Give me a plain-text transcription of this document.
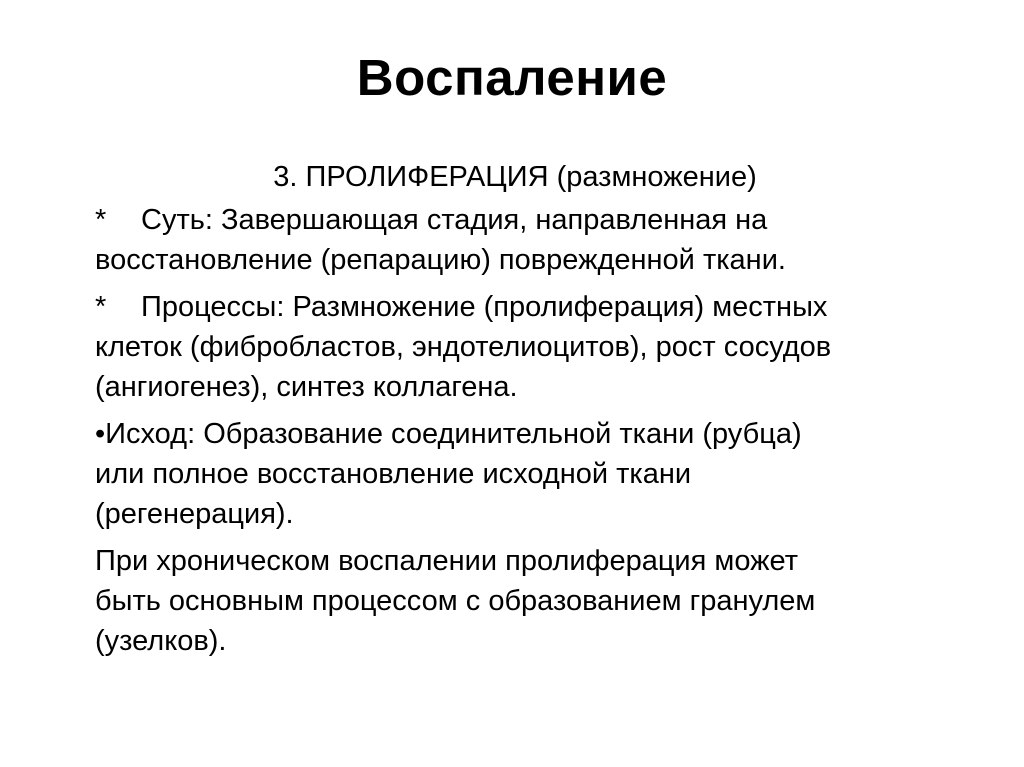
Воспаление
3. ПРОЛИФЕРАЦИЯ (размножение)
* Суть: Завершающая стадия, направленная на
восстановление (репарацию) поврежденной ткани.
* Процессы: Размножение (пролиферация) местных
клеток (фибробластов, эндотелиоцитов), рост сосудов
(ангиогенез), синтез коллагена.
•Исход: Образование соединительной ткани (рубца)
или полное восстановление исходной ткани
(регенерация).
При хроническом воспалении пролиферация может
быть основным процессом с образованием гранулем
(узелков).
